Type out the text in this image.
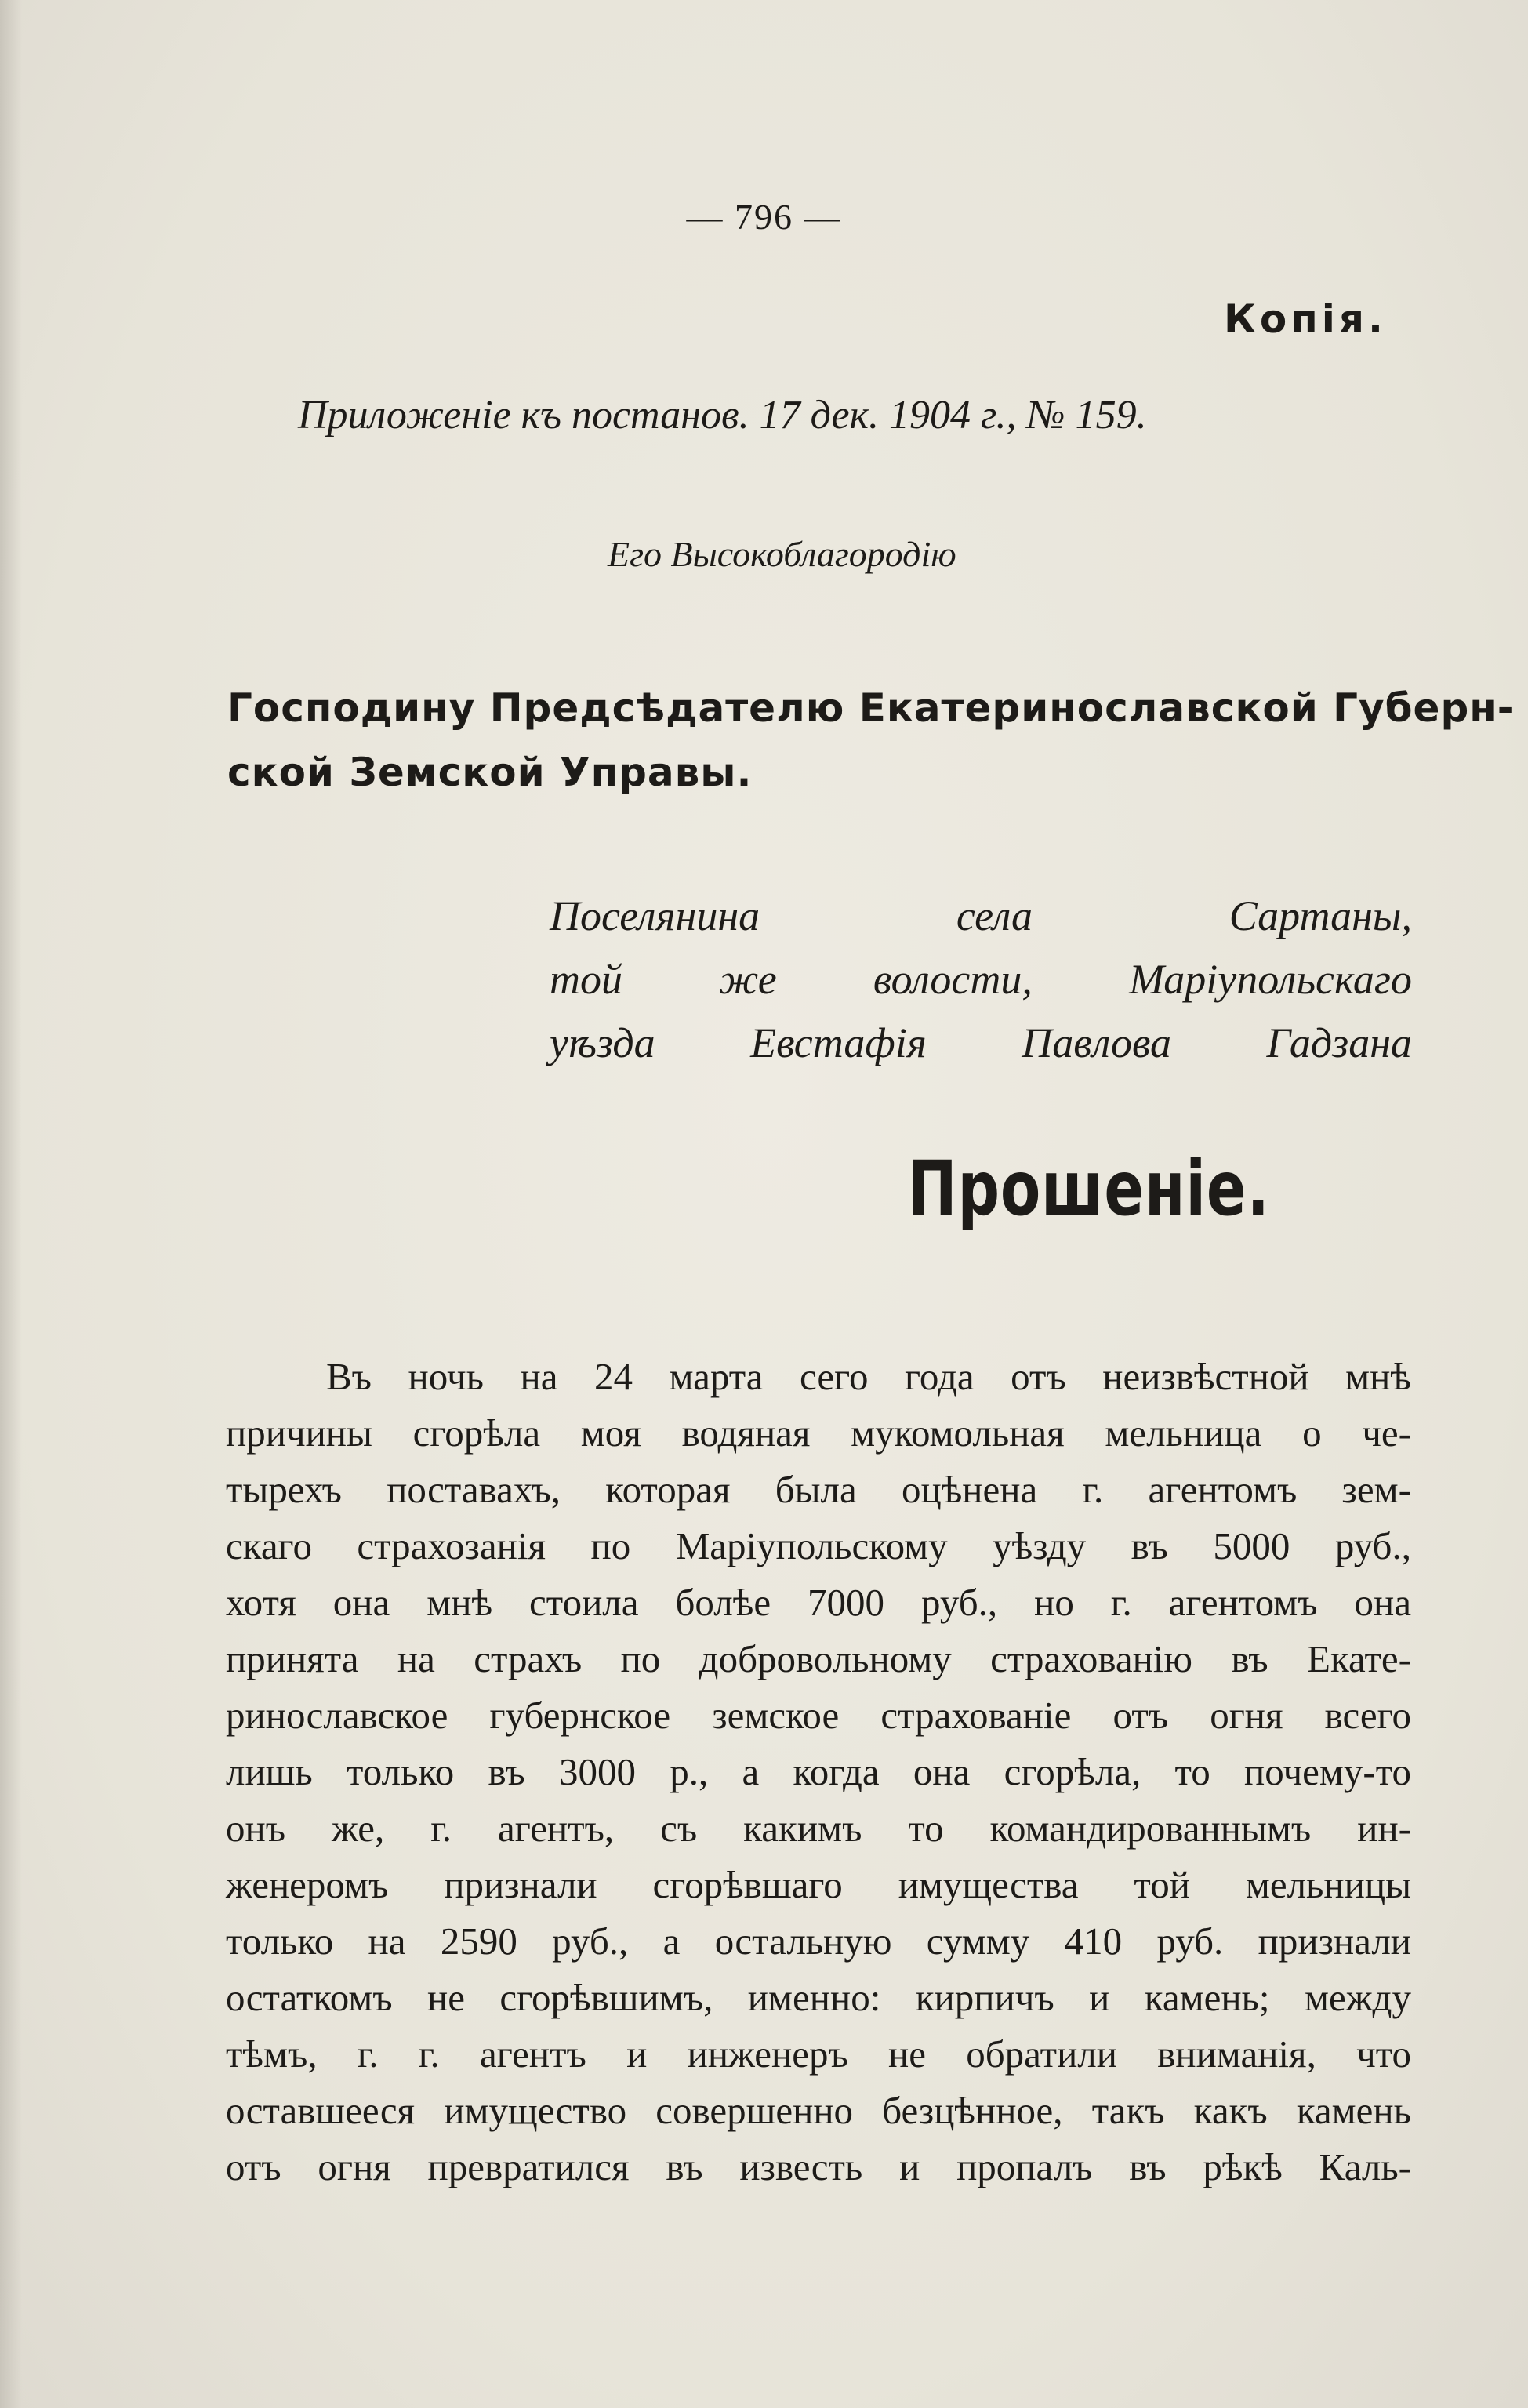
— 796 —
Копія.
Приложеніе къ постанов. 17 дек. 1904 г., № 159.
Его Высокоблагородію
Господину Предсѣдателю Екатеринославской Губерн-
ской Земской Управы.
Поселянина села Сартаны,
той же волости, Маріупольскаго
уѣзда Евстафія Павлова Гадзана
Прошеніе.
Въ ночь на 24 марта сего года отъ неизвѣстной мнѣ
причины сгорѣла моя водяная мукомольная мельница о че-
тырехъ поставахъ, которая была оцѣнена г. агентомъ зем-
скаго страхозанія по Маріупольскому уѣзду въ 5000 руб.,
хотя она мнѣ стоила болѣе 7000 руб., но г. агентомъ она
принята на страхъ по добровольному страхованію въ Екате-
ринославское губернское земское страхованіе отъ огня всего
лишь только въ 3000 р., а когда она сгорѣла, то почему-то
онъ же, г. агентъ, съ какимъ то командированнымъ ин-
женеромъ признали сгорѣвшаго имущества той мельницы
только на 2590 руб., а остальную сумму 410 руб. признали
остаткомъ не сгорѣвшимъ, именно: кирпичъ и камень; между
тѣмъ, г. г. агентъ и инженеръ не обратили вниманія, что
оставшееся имущество совершенно безцѣнное, такъ какъ камень
отъ огня превратился въ известь и пропалъ въ рѣкѣ Каль-
